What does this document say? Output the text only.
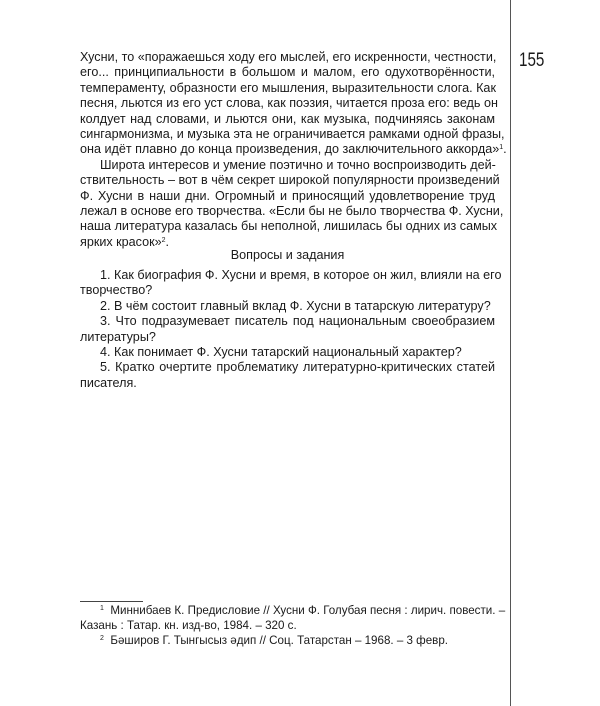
155
Хусни, то «поражаешься ходу его мыслей, его искренности, честности,
его... принципиальности в большом и малом, его одухотворённости,
темпераменту, образности его мышления, выразительности слога. Как
песня, льются из его уст слова, как поэзия, читается проза его: ведь он
колдует над словами, и льются они, как музыка, подчиняясь законам
сингармонизма, и музыка эта не ограничивается рамками одной фразы,
она идёт плавно до конца произведения, до заключительного аккорда»$^1$.
Широта интересов и умение поэтично и точно воспроизводить дей-
ствительность – вот в чём секрет широкой популярности произведений
Ф. Хусни в наши дни. Огромный и приносящий удовлетворение труд
лежал в основе его творчества. «Если бы не было творчества Ф. Хусни,
наша литература казалась бы неполной, лишилась бы одних из самых
ярких красок»$^2$.
Вопросы и задания
1. Как биография Ф. Хусни и время, в которое он жил, влияли на его
творчество?
2. В чём состоит главный вклад Ф. Хусни в татарскую литературу?
3. Что подразумевает писатель под национальным своеобразием
литературы?
4. Как понимает Ф. Хусни татарский национальный характер?
5. Кратко очертите проблематику литературно-критических статей
писателя.
$^1$ Миннибаев К. Предисловие // Хусни Ф. Голубая песня : лирич. повести. –
Казань : Татар. кн. изд-во, 1984. – 320 с.
$^2$ Бәширов Г. Тынгысыз әдип // Соц. Татарстан – 1968. – 3 февр.
